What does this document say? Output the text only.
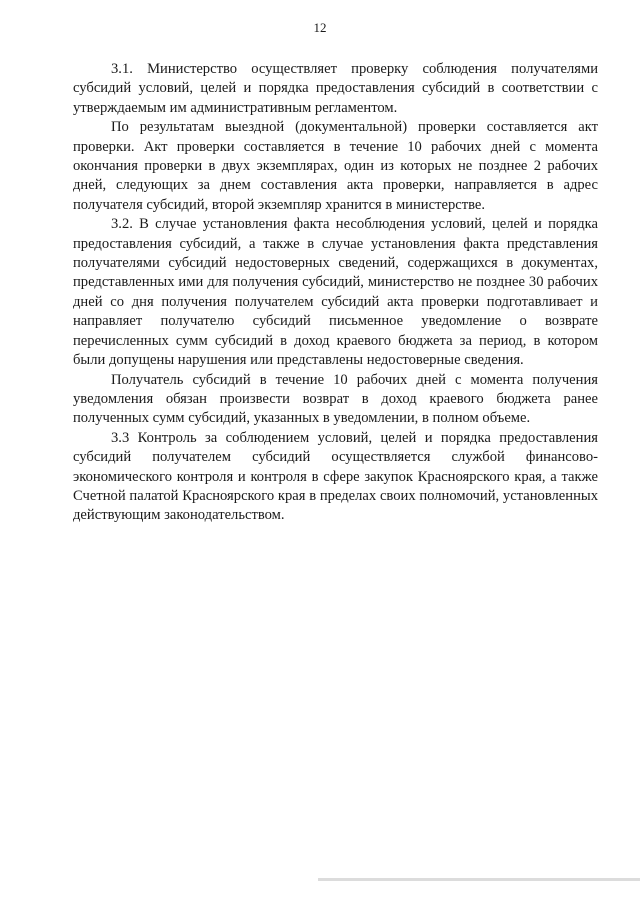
12

3.1. Министерство осуществляет проверку соблюдения получателями субсидий условий, целей и порядка предоставления субсидий в соответствии с утверждаемым им административным регламентом.

По результатам выездной (документальной) проверки составляется акт проверки. Акт проверки составляется в течение 10 рабочих дней с момента окончания проверки в двух экземплярах, один из которых не позднее 2 рабочих дней, следующих за днем составления акта проверки, направляется в адрес получателя субсидий, второй экземпляр хранится в министерстве.

3.2. В случае установления факта несоблюдения условий, целей и порядка предоставления субсидий, а также в случае установления факта представления получателями субсидий недостоверных сведений, содержащихся в документах, представленных ими для получения субсидий, министерство не позднее 30 рабочих дней со дня получения получателем субсидий акта проверки подготавливает и направляет получателю субсидий письменное уведомление о возврате перечисленных сумм субсидий в доход краевого бюджета за период, в котором были допущены нарушения или представлены недостоверные сведения.

Получатель субсидий в течение 10 рабочих дней с момента получения уведомления обязан произвести возврат в доход краевого бюджета ранее полученных сумм субсидий, указанных в уведомлении, в полном объеме.

3.3 Контроль за соблюдением условий, целей и порядка предоставления субсидий получателем субсидий осуществляется службой финансово-экономического контроля и контроля в сфере закупок Красноярского края, а также Счетной палатой Красноярского края в пределах своих полномочий, установленных действующим законодательством.
